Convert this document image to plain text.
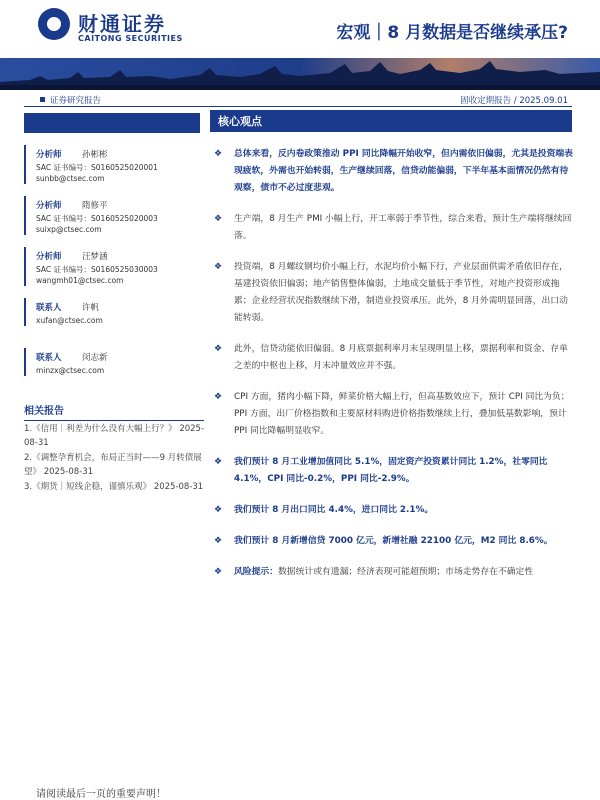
财通证券
CAITONG SECURITIES	宏观｜8 月数据是否继续承压?
证券研究报告	固收定期报告 / 2025.09.01
分析师 孙彬彬
SAC 证书编号：S0160525020001
sunbb@ctsec.com
分析师 隋修平
SAC 证书编号：S0160525020003
suixp@ctsec.com
分析师 汪梦涵
SAC 证书编号：S0160525030003
wangmh01@ctsec.com
联系人 许帆
xufan@ctsec.com
联系人 闵志新
minzx@ctsec.com
相关报告
1.《信用｜利差为什么没有大幅上行？》 2025-08-31
2.《调整孕育机会，布局正当时——9 月转债展望》 2025-08-31
3.《期货｜短线企稳，谨慎乐观》 2025-08-31
核心观点
❖ 总体来看，反内卷政策推动 PPI 同比降幅开始收窄，但内需依旧偏弱，尤其是投资端表现疲软，外需也开始转弱，生产继续回落，信贷动能偏弱，下半年基本面情况仍然有待观察，债市不必过度悲观。
❖ 生产端，8 月生产 PMI 小幅上行，开工率弱于季节性，综合来看，预计生产端将继续回落。
❖ 投资端，8 月螺纹钢均价小幅上行，水泥均价小幅下行，产业层面供需矛盾依旧存在，基建投资依旧偏弱；地产销售整体偏弱，土地成交量低于季节性，对地产投资形成拖累；企业经营状况指数继续下滑，制造业投资承压。此外，8 月外需明显回落，出口动能转弱。
❖ 此外，信贷动能依旧偏弱。8 月底票据利率月末呈现明显上移，票据利率和资金、存单之差的中枢也上移，月末冲量效应并不强。
❖ CPI 方面，猪肉小幅下降，鲜菜价格大幅上行，但高基数效应下，预计 CPI 同比为负；PPI 方面，出厂价格指数和主要原材料购进价格指数继续上行，叠加低基数影响，预计 PPI 同比降幅明显收窄。
❖ 我们预计 8 月工业增加值同比 5.1%，固定资产投资累计同比 1.2%，社零同比 4.1%，CPI 同比-0.2%，PPI 同比-2.9%。
❖ 我们预计 8 月出口同比 4.4%，进口同比 2.1%。
❖ 我们预计 8 月新增信贷 7000 亿元，新增社融 22100 亿元，M2 同比 8.6%。
❖ 风险提示：数据统计或有遗漏；经济表现可能超预期；市场走势存在不确定性
请阅读最后一页的重要声明！
